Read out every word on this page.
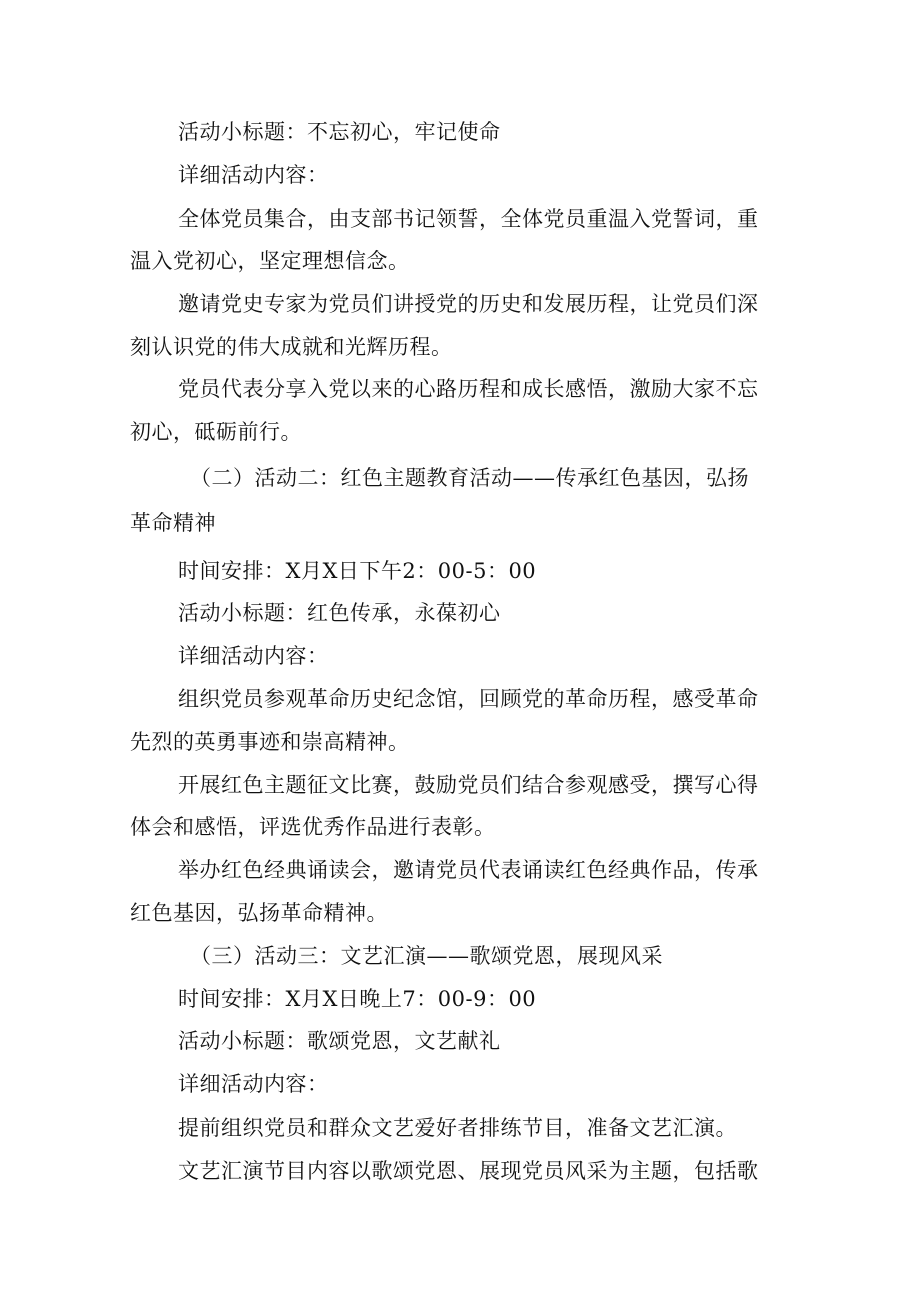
活动小标题：不忘初心，牢记使命
详细活动内容：
全体党员集合，由支部书记领誓，全体党员重温入党誓词，重
温入党初心，坚定理想信念。
邀请党史专家为党员们讲授党的历史和发展历程，让党员们深
刻认识党的伟大成就和光辉历程。
党员代表分享入党以来的心路历程和成长感悟，激励大家不忘
初心，砥砺前行。
（二）活动二：红色主题教育活动——传承红色基因，弘扬
革命精神
时间安排：X月X日下午2：00-5：00
活动小标题：红色传承，永葆初心
详细活动内容：
组织党员参观革命历史纪念馆，回顾党的革命历程，感受革命
先烈的英勇事迹和崇高精神。
开展红色主题征文比赛，鼓励党员们结合参观感受，撰写心得
体会和感悟，评选优秀作品进行表彰。
举办红色经典诵读会，邀请党员代表诵读红色经典作品，传承
红色基因，弘扬革命精神。
（三）活动三：文艺汇演——歌颂党恩，展现风采
时间安排：X月X日晚上7：00-9：00
活动小标题：歌颂党恩，文艺献礼
详细活动内容：
提前组织党员和群众文艺爱好者排练节目，准备文艺汇演。
文艺汇演节目内容以歌颂党恩、展现党员风采为主题，包括歌
